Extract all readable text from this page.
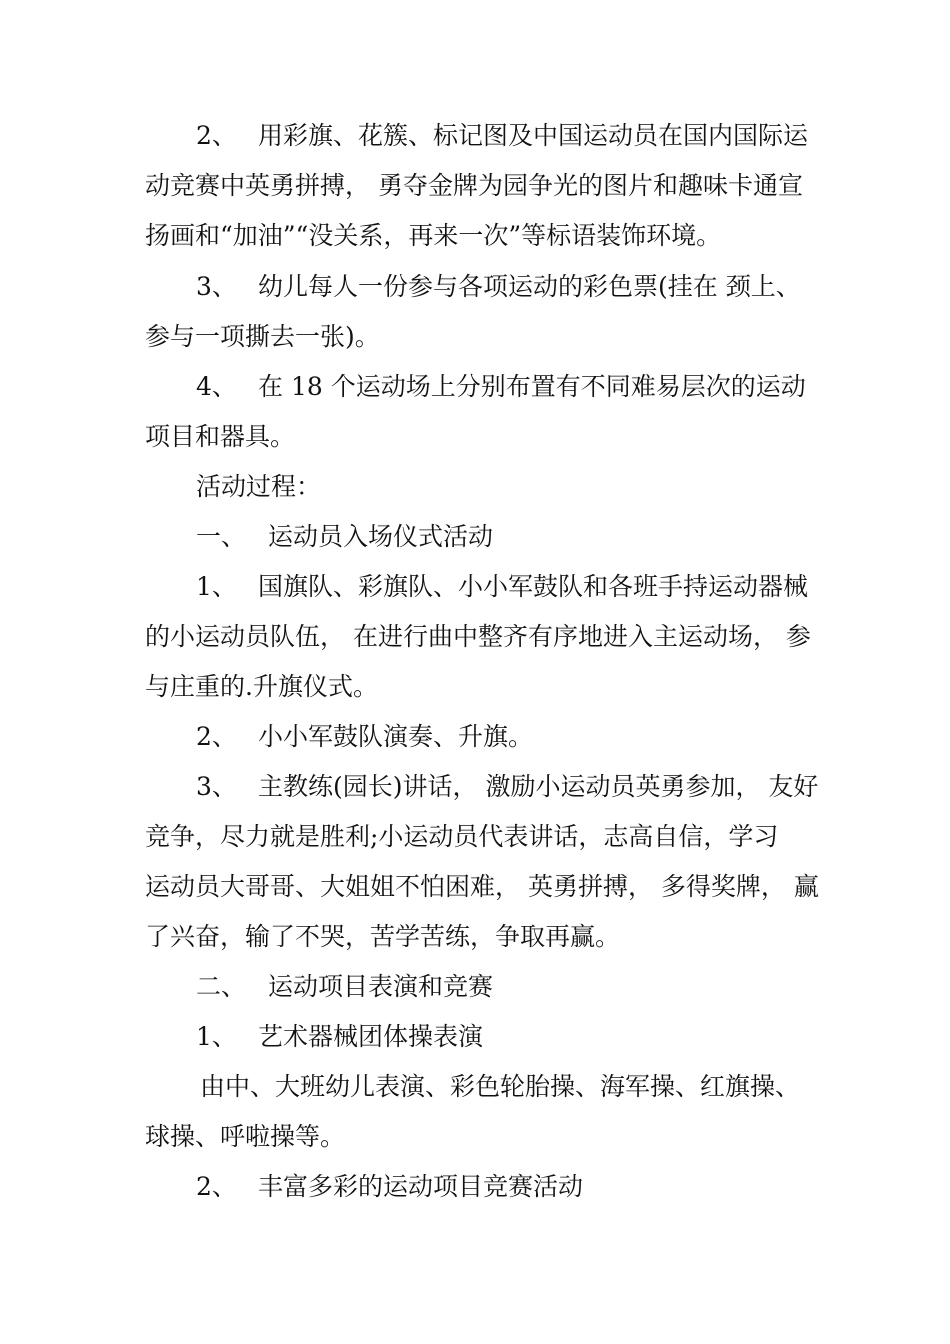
2、 用彩旗、花簇、标记图及中国运动员在国内国际运
动竞赛中英勇拼搏， 勇夺金牌为园争光的图片和趣味卡通宣
扬画和“加油”“没关系，再来一次”等标语装饰环境。
3、 幼儿每人一份参与各项运动的彩色票(挂在 颈上、
参与一项撕去一张)。
4、 在 18 个运动场上分别布置有不同难易层次的运动
项目和器具。
活动过程：
一、 运动员入场仪式活动
1、 国旗队、彩旗队、小小军鼓队和各班手持运动器械
的小运动员队伍， 在进行曲中整齐有序地进入主运动场， 参
与庄重的.升旗仪式。
2、 小小军鼓队演奏、升旗。
3、 主教练(园长)讲话， 激励小运动员英勇参加， 友好
竞争，尽力就是胜利;小运动员代表讲话，志高自信，学习
运动员大哥哥、大姐姐不怕困难， 英勇拼搏， 多得奖牌， 赢
了兴奋，输了不哭，苦学苦练，争取再赢。
二、 运动项目表演和竞赛
1、 艺术器械团体操表演
由中、大班幼儿表演、彩色轮胎操、海军操、红旗操、
球操、呼啦操等。
2、 丰富多彩的运动项目竞赛活动
